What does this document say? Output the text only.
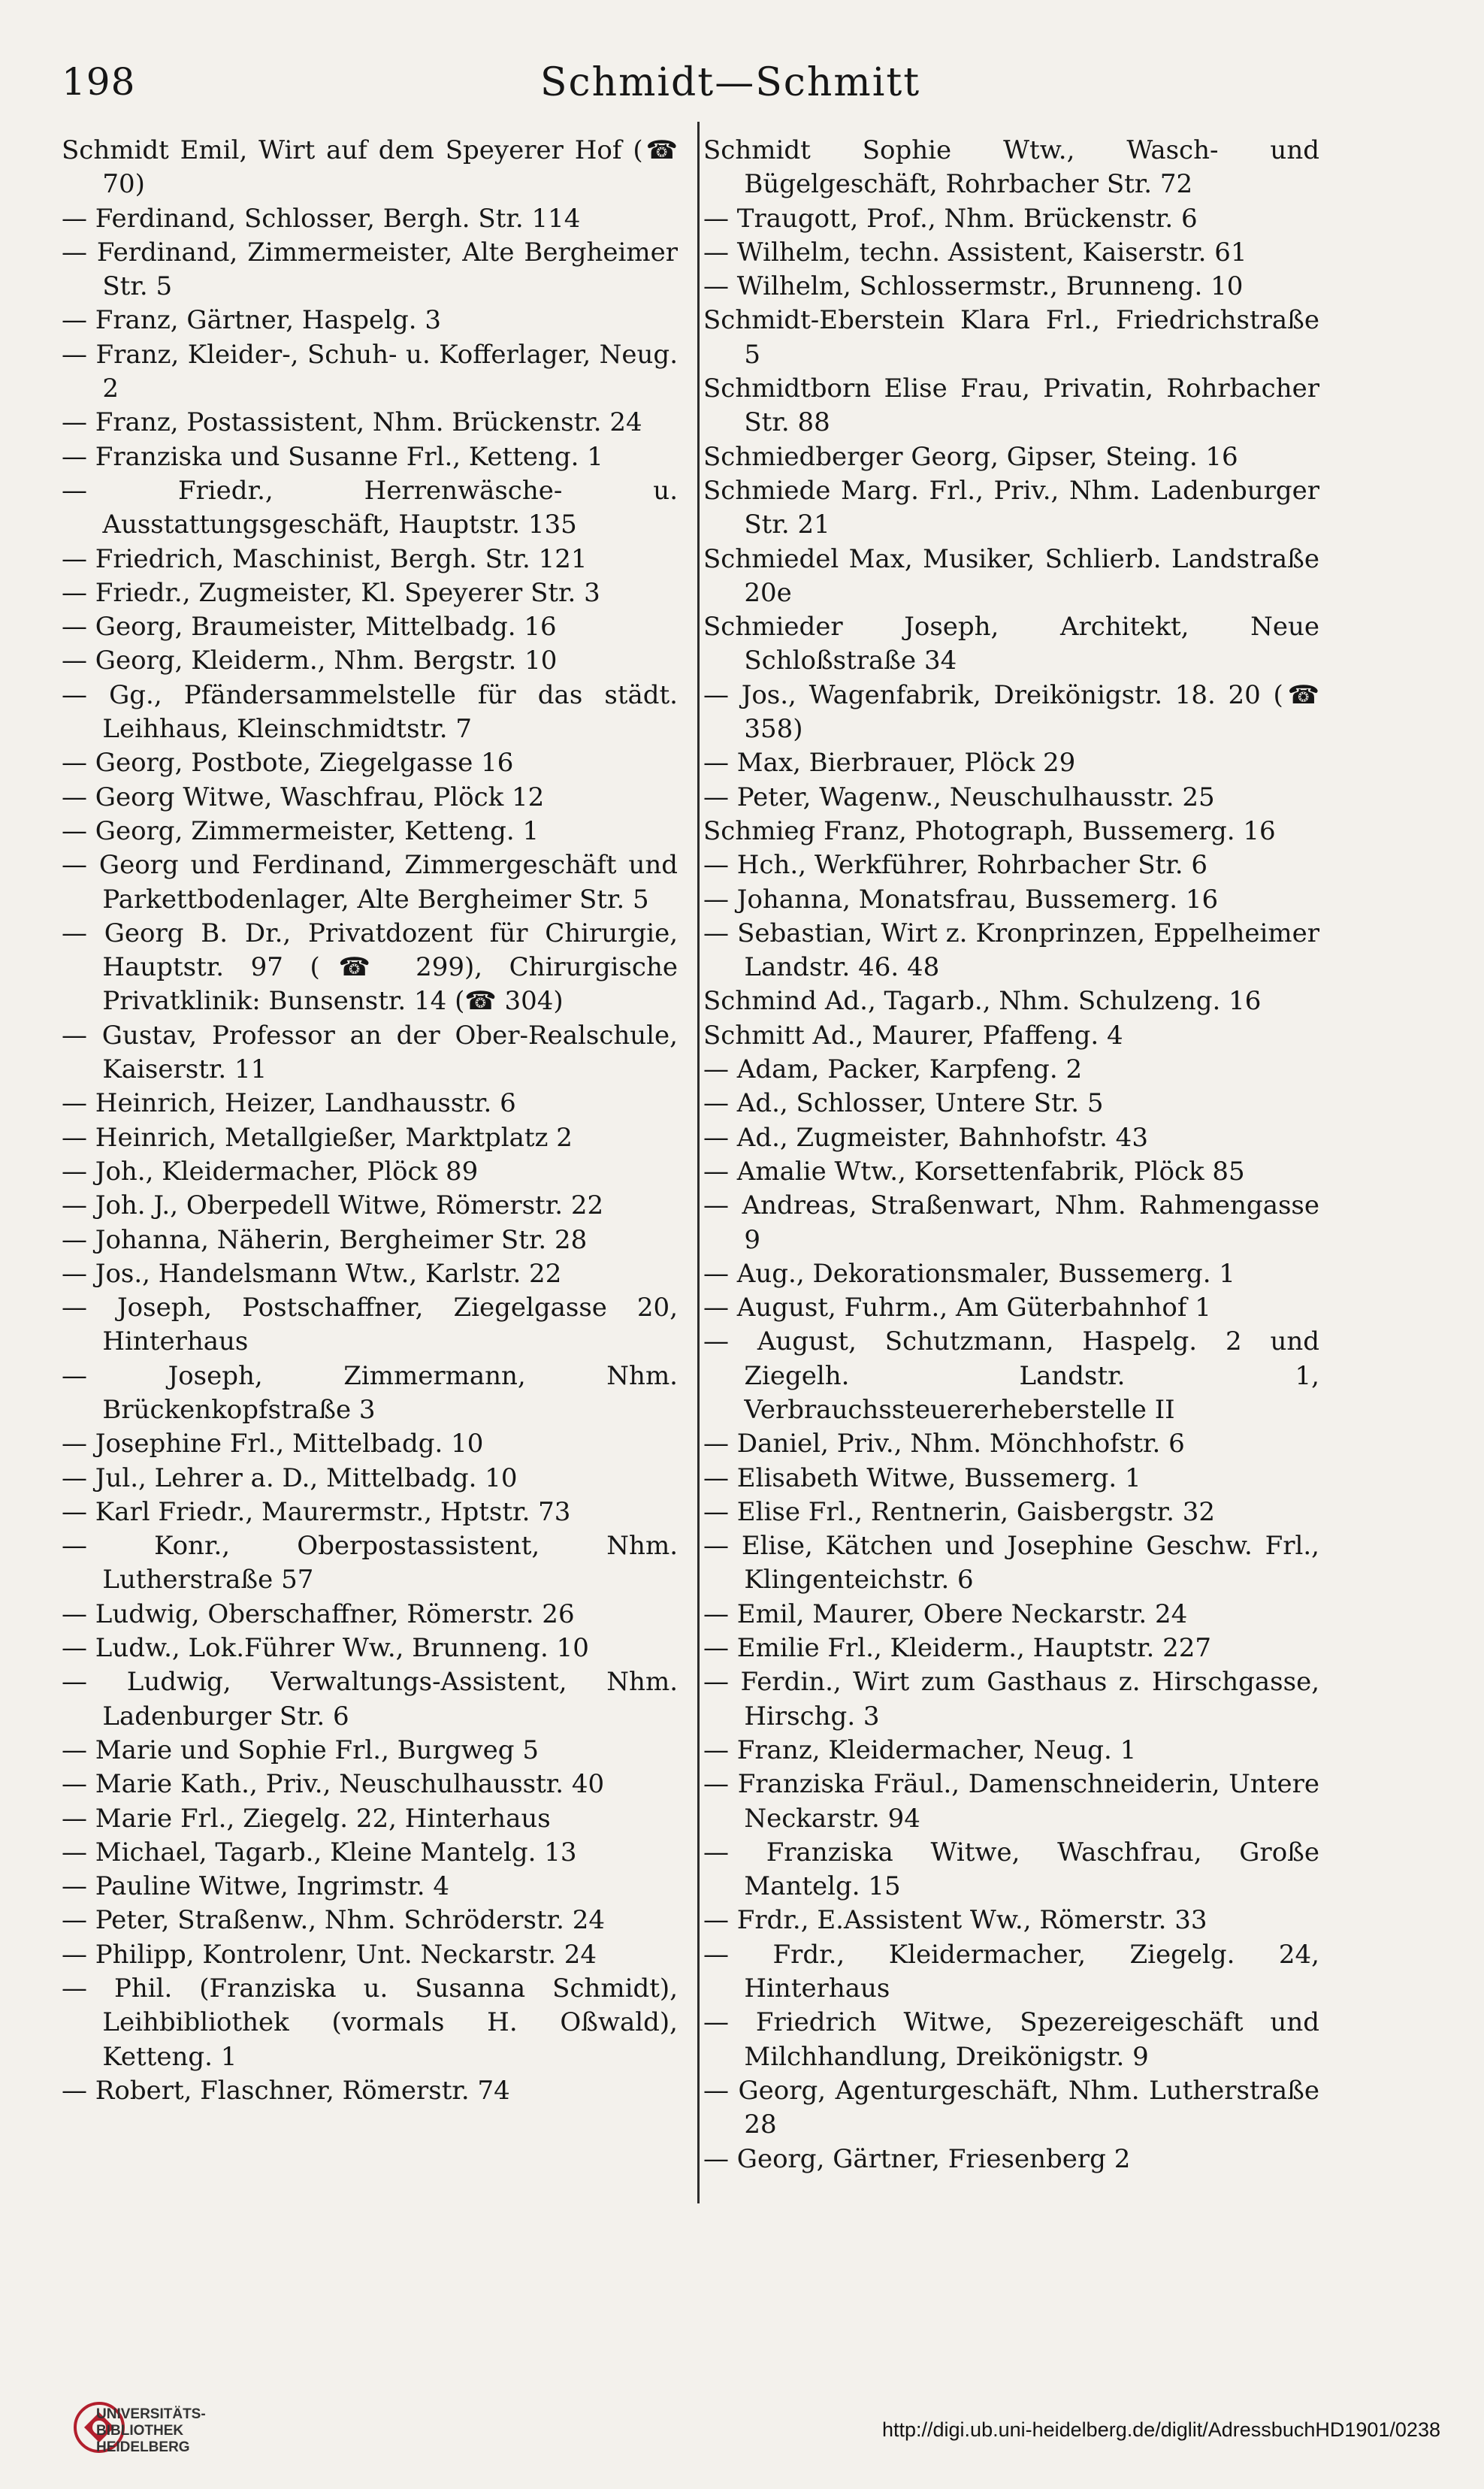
198	Schmidt—Schmitt
Schmidt Emil, Wirt auf dem Speyerer Hof (☎ 70)
— Ferdinand, Schlosser, Bergh. Str. 114
— Ferdinand, Zimmermeister, Alte Bergheimer Str. 5
— Franz, Gärtner, Haspelg. 3
— Franz, Kleider-, Schuh- u. Kofferlager, Neug. 2
— Franz, Postassistent, Nhm. Brückenstr. 24
— Franziska und Susanne Frl., Ketteng. 1
— Friedr., Herrenwäsche- u. Ausstattungsgeschäft, Hauptstr. 135
— Friedrich, Maschinist, Bergh. Str. 121
— Friedr., Zugmeister, Kl. Speyerer Str. 3
— Georg, Braumeister, Mittelbadg. 16
— Georg, Kleiderm., Nhm. Bergstr. 10
— Gg., Pfändersammelstelle für das städt. Leihhaus, Kleinschmidtstr. 7
— Georg, Postbote, Ziegelgasse 16
— Georg Witwe, Waschfrau, Plöck 12
— Georg, Zimmermeister, Ketteng. 1
— Georg und Ferdinand, Zimmergeschäft und Parkettbodenlager, Alte Bergheimer Str. 5
— Georg B. Dr., Privatdozent für Chirurgie, Hauptstr. 97 (☎ 299), Chirurgische Privatklinik: Bunsenstr. 14 (☎ 304)
— Gustav, Professor an der Ober-Realschule, Kaiserstr. 11
— Heinrich, Heizer, Landhausstr. 6
— Heinrich, Metallgießer, Marktplatz 2
— Joh., Kleidermacher, Plöck 89
— Joh. J., Oberpedell Witwe, Römerstr. 22
— Johanna, Näherin, Bergheimer Str. 28
— Jos., Handelsmann Wtw., Karlstr. 22
— Joseph, Postschaffner, Ziegelgasse 20, Hinterhaus
— Joseph, Zimmermann, Nhm. Brückenkopfstraße 3
— Josephine Frl., Mittelbadg. 10
— Jul., Lehrer a. D., Mittelbadg. 10
— Karl Friedr., Maurermstr., Hptstr. 73
— Konr., Oberpostassistent, Nhm. Lutherstraße 57
— Ludwig, Oberschaffner, Römerstr. 26
— Ludw., Lok.Führer Ww., Brunneng. 10
— Ludwig, Verwaltungs-Assistent, Nhm. Ladenburger Str. 6
— Marie und Sophie Frl., Burgweg 5
— Marie Kath., Priv., Neuschulhausstr. 40
— Marie Frl., Ziegelg. 22, Hinterhaus
— Michael, Tagarb., Kleine Mantelg. 13
— Pauline Witwe, Ingrimstr. 4
— Peter, Straßenw., Nhm. Schröderstr. 24
— Philipp, Kontrolenr, Unt. Neckarstr. 24
— Phil. (Franziska u. Susanna Schmidt), Leihbibliothek (vormals H. Oßwald), Ketteng. 1
— Robert, Flaschner, Römerstr. 74
Schmidt Sophie Wtw., Wasch- und Bügelgeschäft, Rohrbacher Str. 72
— Traugott, Prof., Nhm. Brückenstr. 6
— Wilhelm, techn. Assistent, Kaiserstr. 61
— Wilhelm, Schlossermstr., Brunneng. 10
Schmidt-Eberstein Klara Frl., Friedrichstraße 5
Schmidtborn Elise Frau, Privatin, Rohrbacher Str. 88
Schmiedberger Georg, Gipser, Steing. 16
Schmiede Marg. Frl., Priv., Nhm. Ladenburger Str. 21
Schmiedel Max, Musiker, Schlierb. Landstraße 20e
Schmieder Joseph, Architekt, Neue Schloßstraße 34
— Jos., Wagenfabrik, Dreikönigstr. 18. 20 (☎ 358)
— Max, Bierbrauer, Plöck 29
— Peter, Wagenw., Neuschulhausstr. 25
Schmieg Franz, Photograph, Bussemerg. 16
— Hch., Werkführer, Rohrbacher Str. 6
— Johanna, Monatsfrau, Bussemerg. 16
— Sebastian, Wirt z. Kronprinzen, Eppelheimer Landstr. 46. 48
Schmind Ad., Tagarb., Nhm. Schulzeng. 16
Schmitt Ad., Maurer, Pfaffeng. 4
— Adam, Packer, Karpfeng. 2
— Ad., Schlosser, Untere Str. 5
— Ad., Zugmeister, Bahnhofstr. 43
— Amalie Wtw., Korsettenfabrik, Plöck 85
— Andreas, Straßenwart, Nhm. Rahmengasse 9
— Aug., Dekorationsmaler, Bussemerg. 1
— August, Fuhrm., Am Güterbahnhof 1
— August, Schutzmann, Haspelg. 2 und Ziegelh. Landstr. 1, Verbrauchssteuererheberstelle II
— Daniel, Priv., Nhm. Mönchhofstr. 6
— Elisabeth Witwe, Bussemerg. 1
— Elise Frl., Rentnerin, Gaisbergstr. 32
— Elise, Kätchen und Josephine Geschw. Frl., Klingenteichstr. 6
— Emil, Maurer, Obere Neckarstr. 24
— Emilie Frl., Kleiderm., Hauptstr. 227
— Ferdin., Wirt zum Gasthaus z. Hirschgasse, Hirschg. 3
— Franz, Kleidermacher, Neug. 1
— Franziska Fräul., Damenschneiderin, Untere Neckarstr. 94
— Franziska Witwe, Waschfrau, Große Mantelg. 15
— Frdr., E.Assistent Ww., Römerstr. 33
— Frdr., Kleidermacher, Ziegelg. 24, Hinterhaus
— Friedrich Witwe, Spezereigeschäft und Milchhandlung, Dreikönigstr. 9
— Georg, Agenturgeschäft, Nhm. Lutherstraße 28
— Georg, Gärtner, Friesenberg 2
UNIVERSITÄTS-
BIBLIOTHEK
HEIDELBERG
http://digi.ub.uni-heidelberg.de/diglit/AdressbuchHD1901/0238
